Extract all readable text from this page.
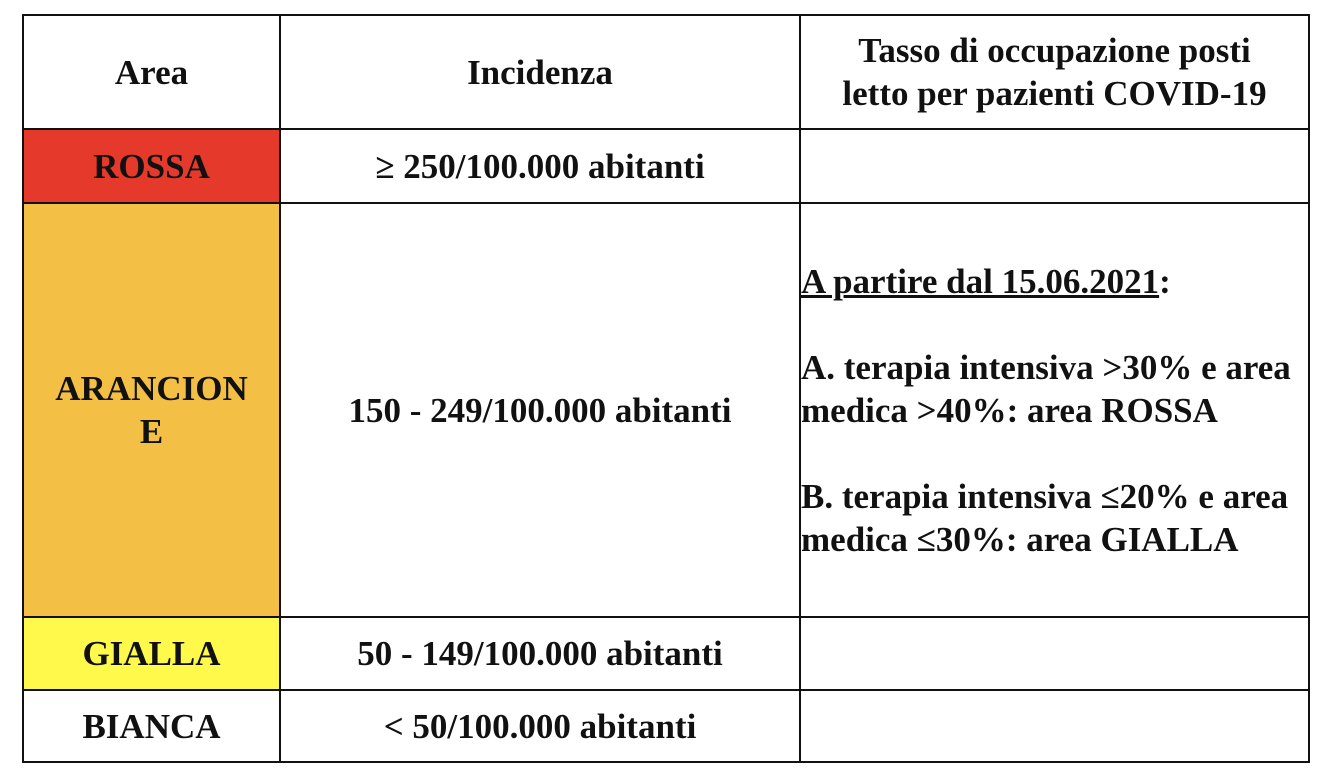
Area	Incidenza	Tasso di occupazione posti letto per pazienti COVID-19

ROSSA	≥ 250/100.000 abitanti	
ARANCIONE	150 - 249/100.000 abitanti	A partire dal 15.06.2021:

A. terapia intensiva >30% e area medica >40%: area ROSSA

B. terapia intensiva ≤20% e area medica ≤30%: area GIALLA

GIALLA	50 - 149/100.000 abitanti	
BIANCA	< 50/100.000 abitanti	
